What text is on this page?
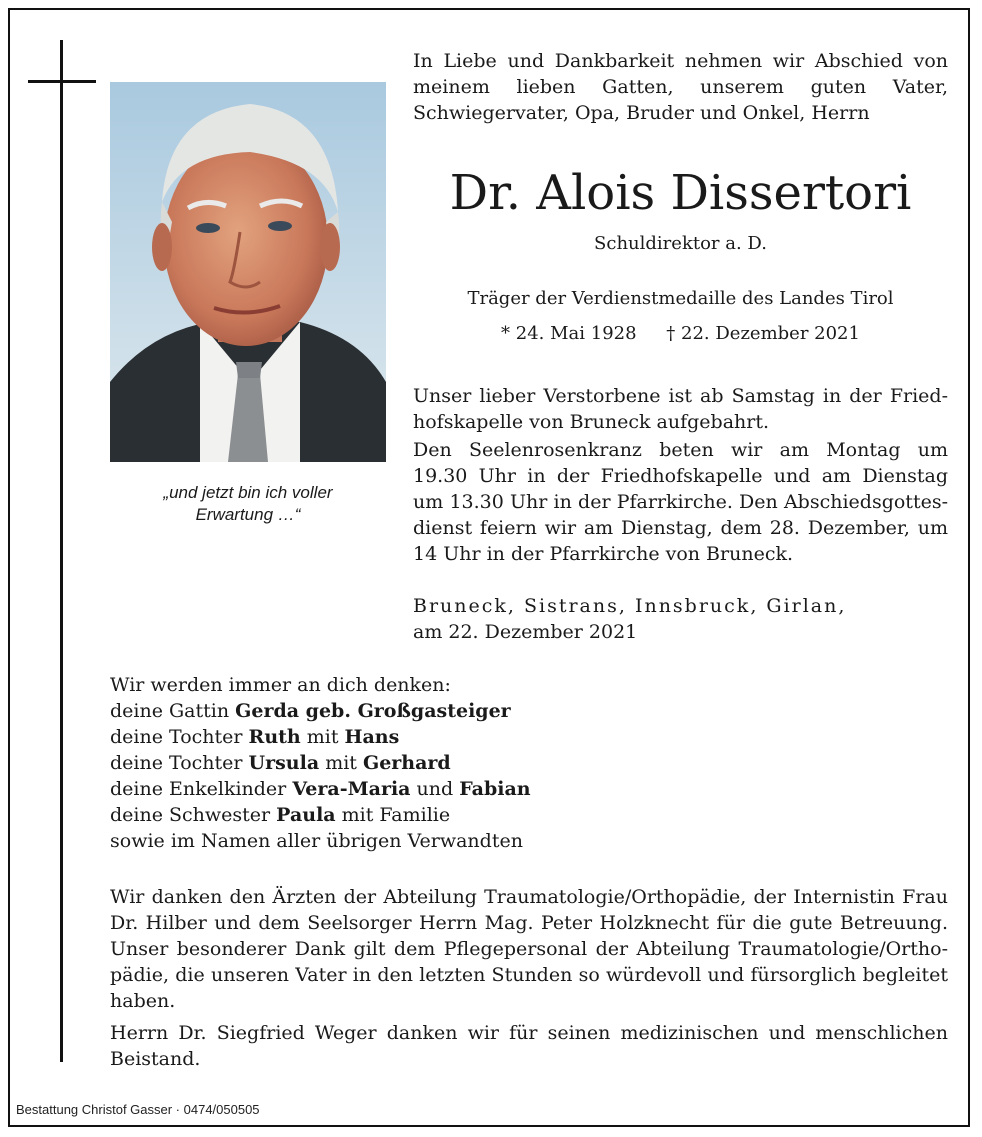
„und jetzt bin ich voller
Erwartung …“
In Liebe und Dankbarkeit nehmen wir Abschied von
meinem lieben Gatten, unserem guten Vater,
Schwiegervater, Opa, Bruder und Onkel, Herrn
Dr. Alois Dissertori
Schuldirektor a. D.
Träger der Verdienstmedaille des Landes Tirol
* 24. Mai 1928 † 22. Dezember 2021
Unser lieber Verstorbene ist ab Samstag in der Fried-
hofskapelle von Bruneck aufgebahrt.
Den Seelenrosenkranz beten wir am Montag um
19.30 Uhr in der Friedhofskapelle und am Dienstag
um 13.30 Uhr in der Pfarrkirche. Den Abschiedsgottes-
dienst feiern wir am Dienstag, dem 28. Dezember, um
14 Uhr in der Pfarrkirche von Bruneck.
Bruneck, Sistrans, Innsbruck, Girlan,
am 22. Dezember 2021
Wir werden immer an dich denken:
deine Gattin Gerda geb. Großgasteiger
deine Tochter Ruth mit Hans
deine Tochter Ursula mit Gerhard
deine Enkelkinder Vera-Maria und Fabian
deine Schwester Paula mit Familie
sowie im Namen aller übrigen Verwandten
Wir danken den Ärzten der Abteilung Traumatologie/Orthopädie, der Internistin Frau
Dr. Hilber und dem Seelsorger Herrn Mag. Peter Holzknecht für die gute Betreuung.
Unser besonderer Dank gilt dem Pflegepersonal der Abteilung Traumatologie/Ortho-
pädie, die unseren Vater in den letzten Stunden so würdevoll und fürsorglich begleitet
haben.
Herrn Dr. Siegfried Weger danken wir für seinen medizinischen und menschlichen
Beistand.
Bestattung Christof Gasser · 0474/050505
